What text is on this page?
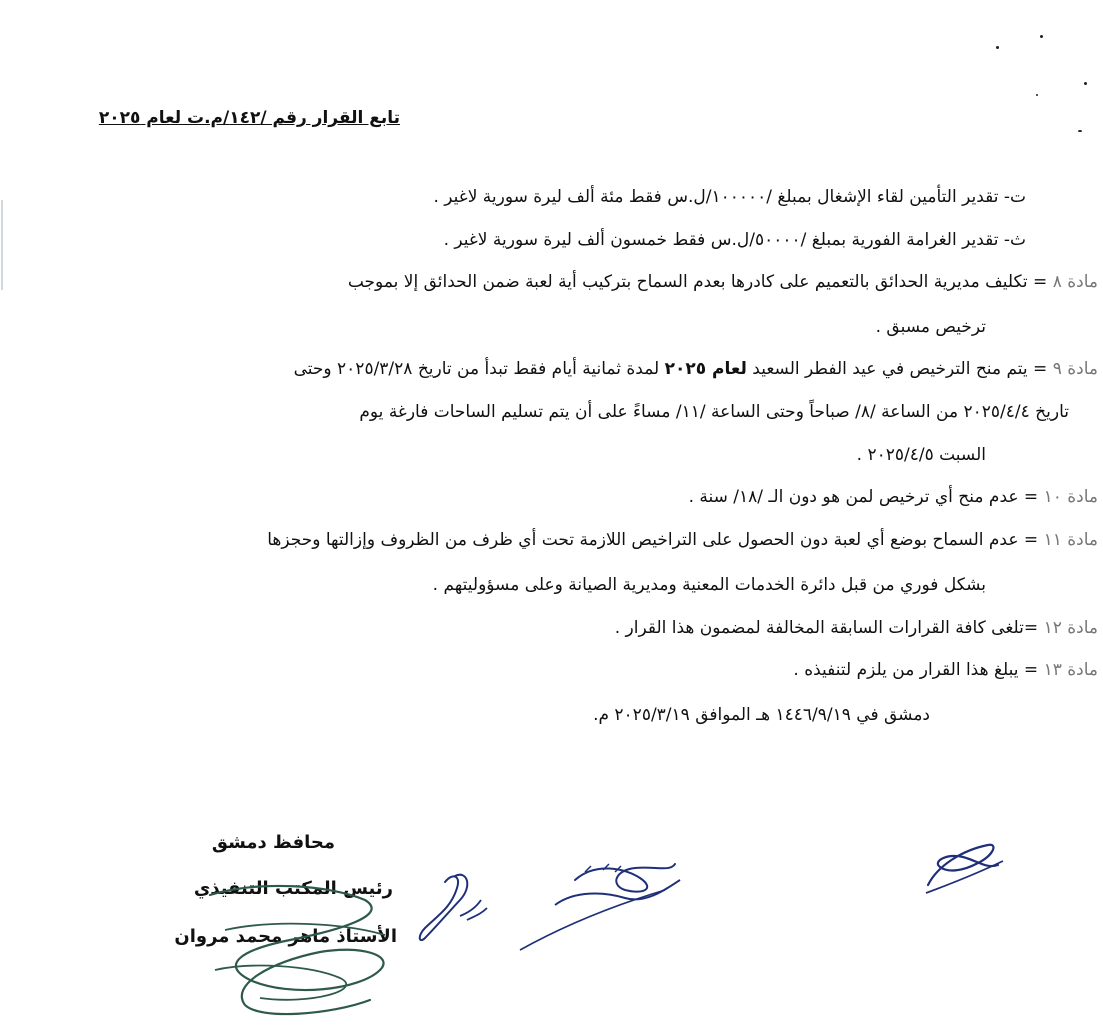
تابع القرار رقم /١٤٢/م.ت لعام ٢٠٢٥
ت- تقدير التأمين لقاء الإشغال بمبلغ /١٠٠٠٠٠/ل.س فقط مئة ألف ليرة سورية لاغير .
ث- تقدير الغرامة الفورية بمبلغ /٥٠٠٠٠/ل.س فقط خمسون ألف ليرة سورية لاغير .
مادة ٨ = تكليف مديرية الحدائق بالتعميم على كادرها بعدم السماح بتركيب أية لعبة ضمن الحدائق إلا بموجب
ترخيص مسبق .
مادة ٩ = يتم منح الترخيص في عيد الفطر السعيد لعام ٢٠٢٥ لمدة ثمانية أيام فقط تبدأ من تاريخ ٢٠٢٥/٣/٢٨ وحتى
تاريخ ٢٠٢٥/٤/٤ من الساعة /٨/ صباحاً وحتى الساعة /١١/ مساءً على أن يتم تسليم الساحات فارغة يوم
السبت ٢٠٢٥/٤/٥ .
مادة ١٠ = عدم منح أي ترخيص لمن هو دون الـ /١٨/ سنة .
مادة ١١ = عدم السماح بوضع أي لعبة دون الحصول على التراخيص اللازمة تحت أي ظرف من الظروف وإزالتها وحجزها
بشكل فوري من قبل دائرة الخدمات المعنية ومديرية الصيانة وعلى مسؤوليتهم .
مادة ١٢ =تلغى كافة القرارات السابقة المخالفة لمضمون هذا القرار .
مادة ١٣ = يبلغ هذا القرار من يلزم لتنفيذه .
دمشق في ١٤٤٦/٩/١٩ هـ الموافق ٢٠٢٥/٣/١٩ م.
محافظ دمشق
رئيس المكتب التنفيذي
الأستاذ ماهر محمد مروان
